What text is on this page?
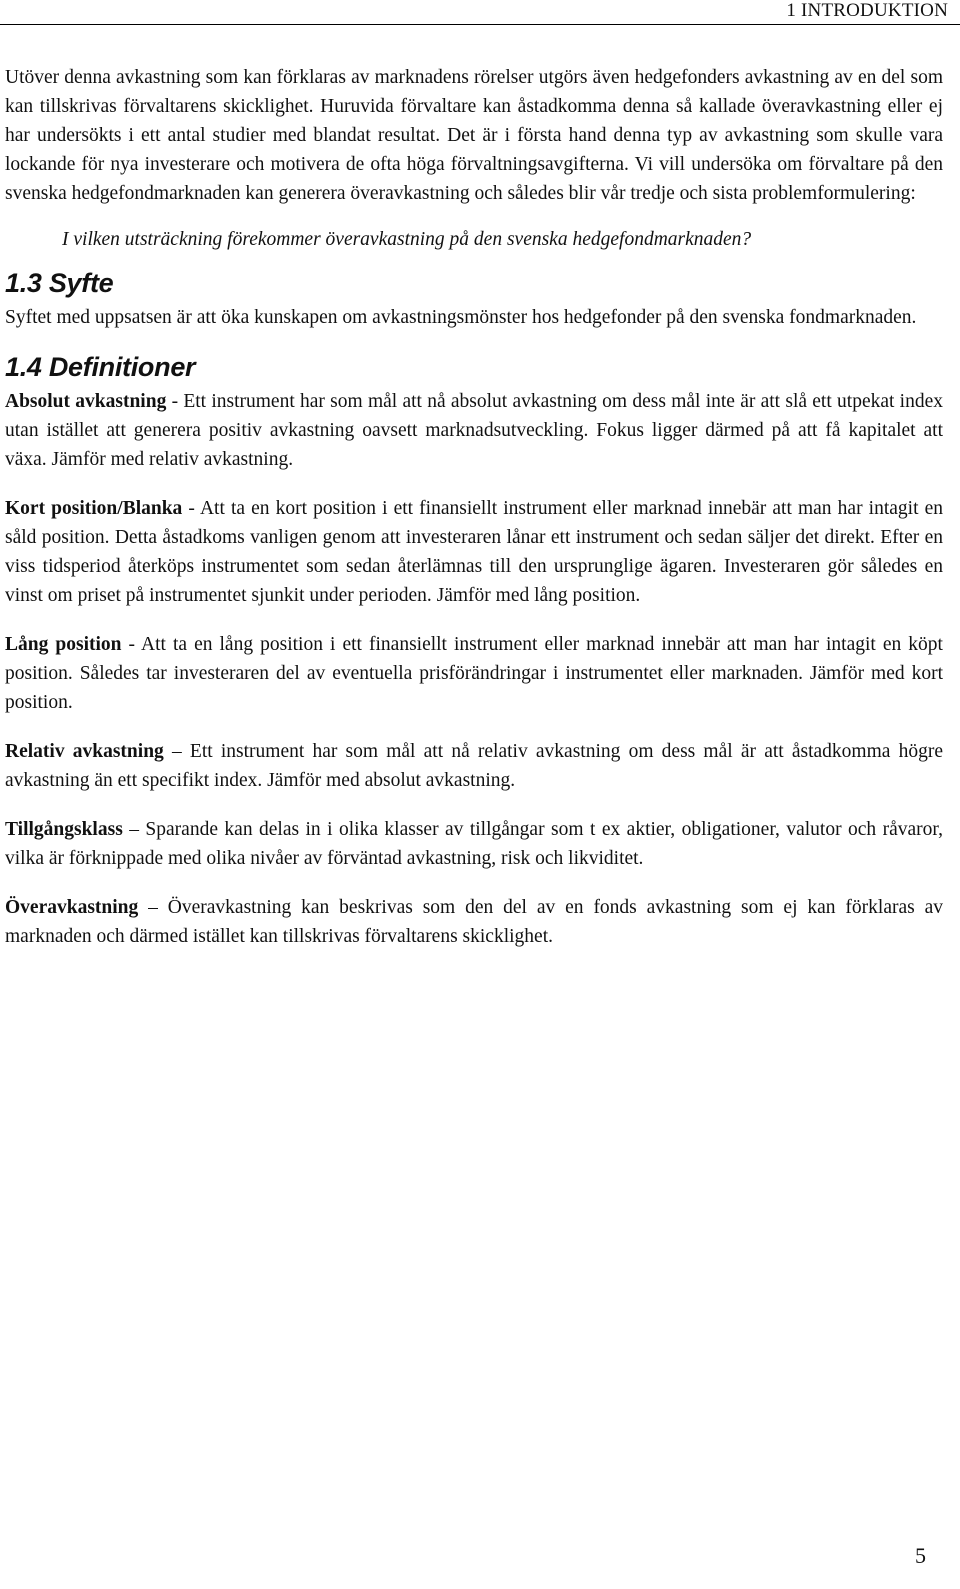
1 INTRODUKTION

Utöver denna avkastning som kan förklaras av marknadens rörelser utgörs även hedgefonders avkastning av en del som kan tillskrivas förvaltarens skicklighet. Huruvida förvaltare kan åstadkomma denna så kallade överavkastning eller ej har undersökts i ett antal studier med blandat resultat. Det är i första hand denna typ av avkastning som skulle vara lockande för nya investerare och motivera de ofta höga förvaltningsavgifterna. Vi vill undersöka om förvaltare på den svenska hedgefondmarknaden kan generera överavkastning och således blir vår tredje och sista problemformulering:

I vilken utsträckning förekommer överavkastning på den svenska hedgefondmarknaden?

1.3 Syfte

Syftet med uppsatsen är att öka kunskapen om avkastningsmönster hos hedgefonder på den svenska fondmarknaden.

1.4 Definitioner

Absolut avkastning - Ett instrument har som mål att nå absolut avkastning om dess mål inte är att slå ett utpekat index utan istället att generera positiv avkastning oavsett marknadsutveckling. Fokus ligger därmed på att få kapitalet att växa. Jämför med relativ avkastning.

Kort position/Blanka - Att ta en kort position i ett finansiellt instrument eller marknad innebär att man har intagit en såld position. Detta åstadkoms vanligen genom att investeraren lånar ett instrument och sedan säljer det direkt. Efter en viss tidsperiod återköps instrumentet som sedan återlämnas till den ursprunglige ägaren. Investeraren gör således en vinst om priset på instrumentet sjunkit under perioden. Jämför med lång position.

Lång position - Att ta en lång position i ett finansiellt instrument eller marknad innebär att man har intagit en köpt position. Således tar investeraren del av eventuella prisförändringar i instrumentet eller marknaden. Jämför med kort position.

Relativ avkastning – Ett instrument har som mål att nå relativ avkastning om dess mål är att åstadkomma högre avkastning än ett specifikt index. Jämför med absolut avkastning.

Tillgångsklass – Sparande kan delas in i olika klasser av tillgångar som t ex aktier, obligationer, valutor och råvaror, vilka är förknippade med olika nivåer av förväntad avkastning, risk och likviditet.

Överavkastning – Överavkastning kan beskrivas som den del av en fonds avkastning som ej kan förklaras av marknaden och därmed istället kan tillskrivas förvaltarens skicklighet.

5
